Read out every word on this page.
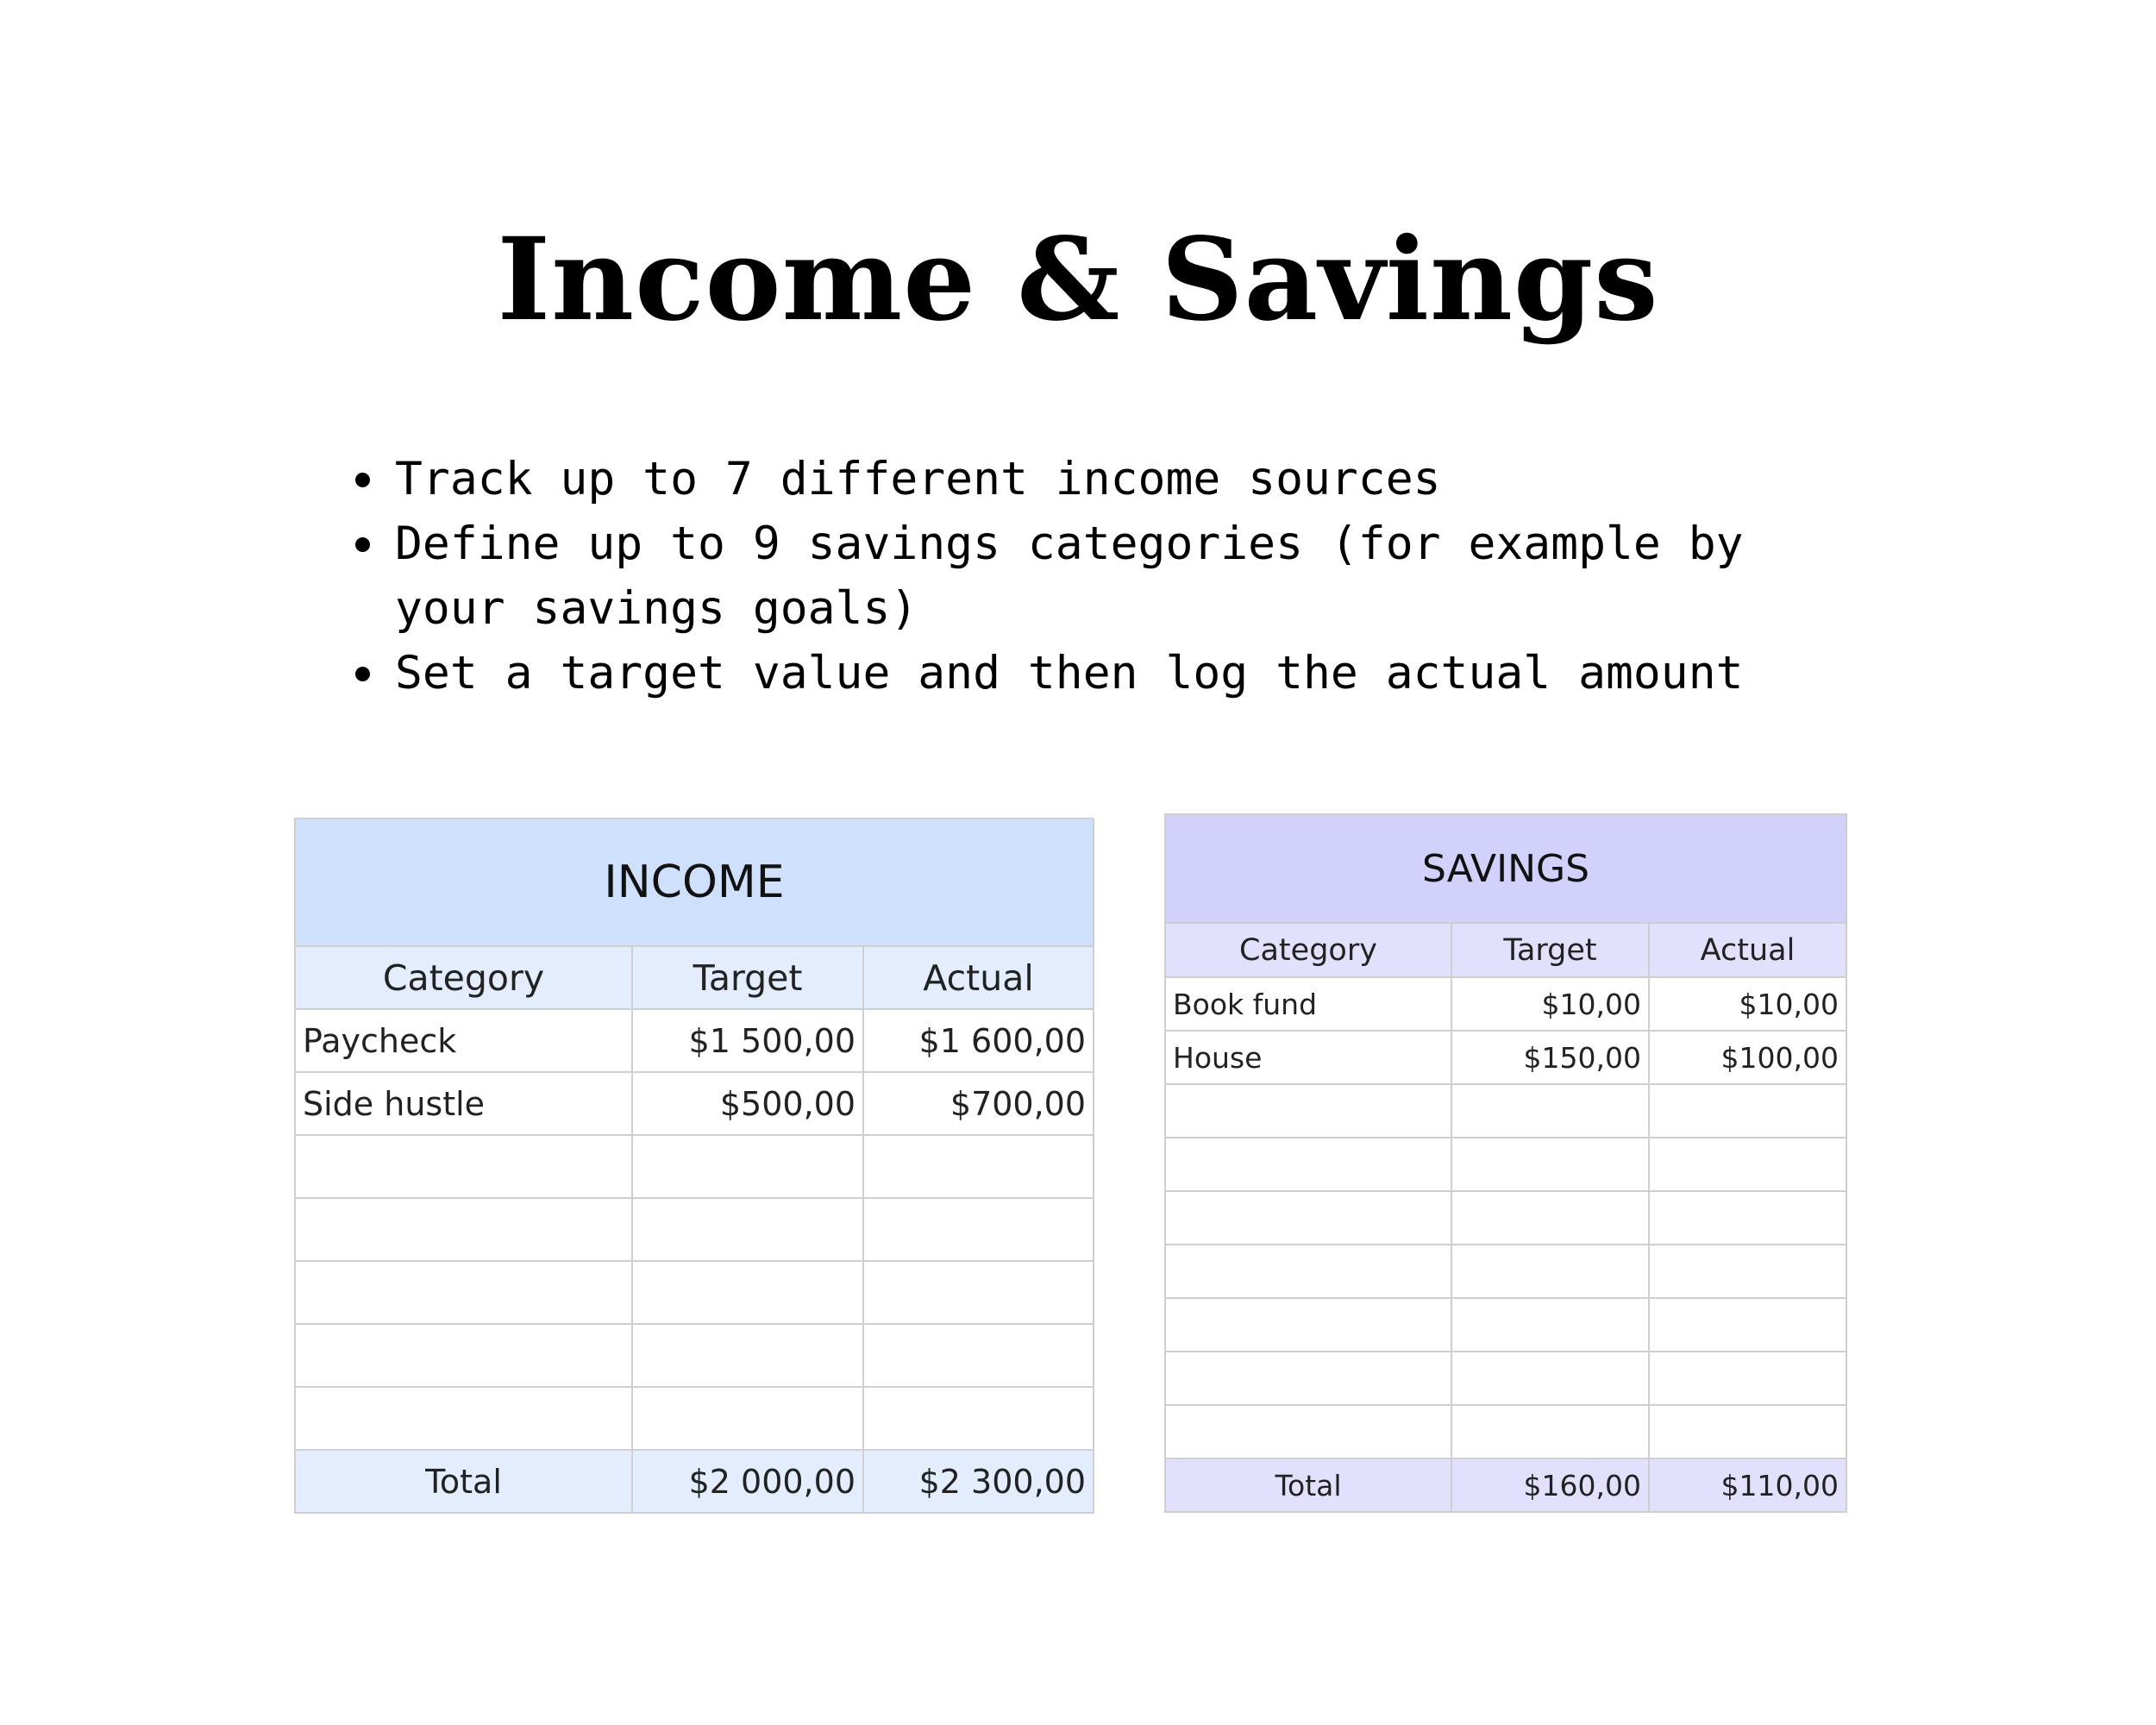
Income & Savings
Track up to 7 different income sources
Define up to 9 savings categories (for example by your savings goals)
Set a target value and then log the actual amount
INCOME		
Category	Target	Actual
Paycheck	$1 500,00	$1 600,00
Side hustle	$500,00	$700,00

Total	$2 000,00	$2 300,00
SAVINGS		
Category	Target	Actual
Book fund	$10,00	$10,00
House	$150,00	$100,00

Total	$160,00	$110,00
